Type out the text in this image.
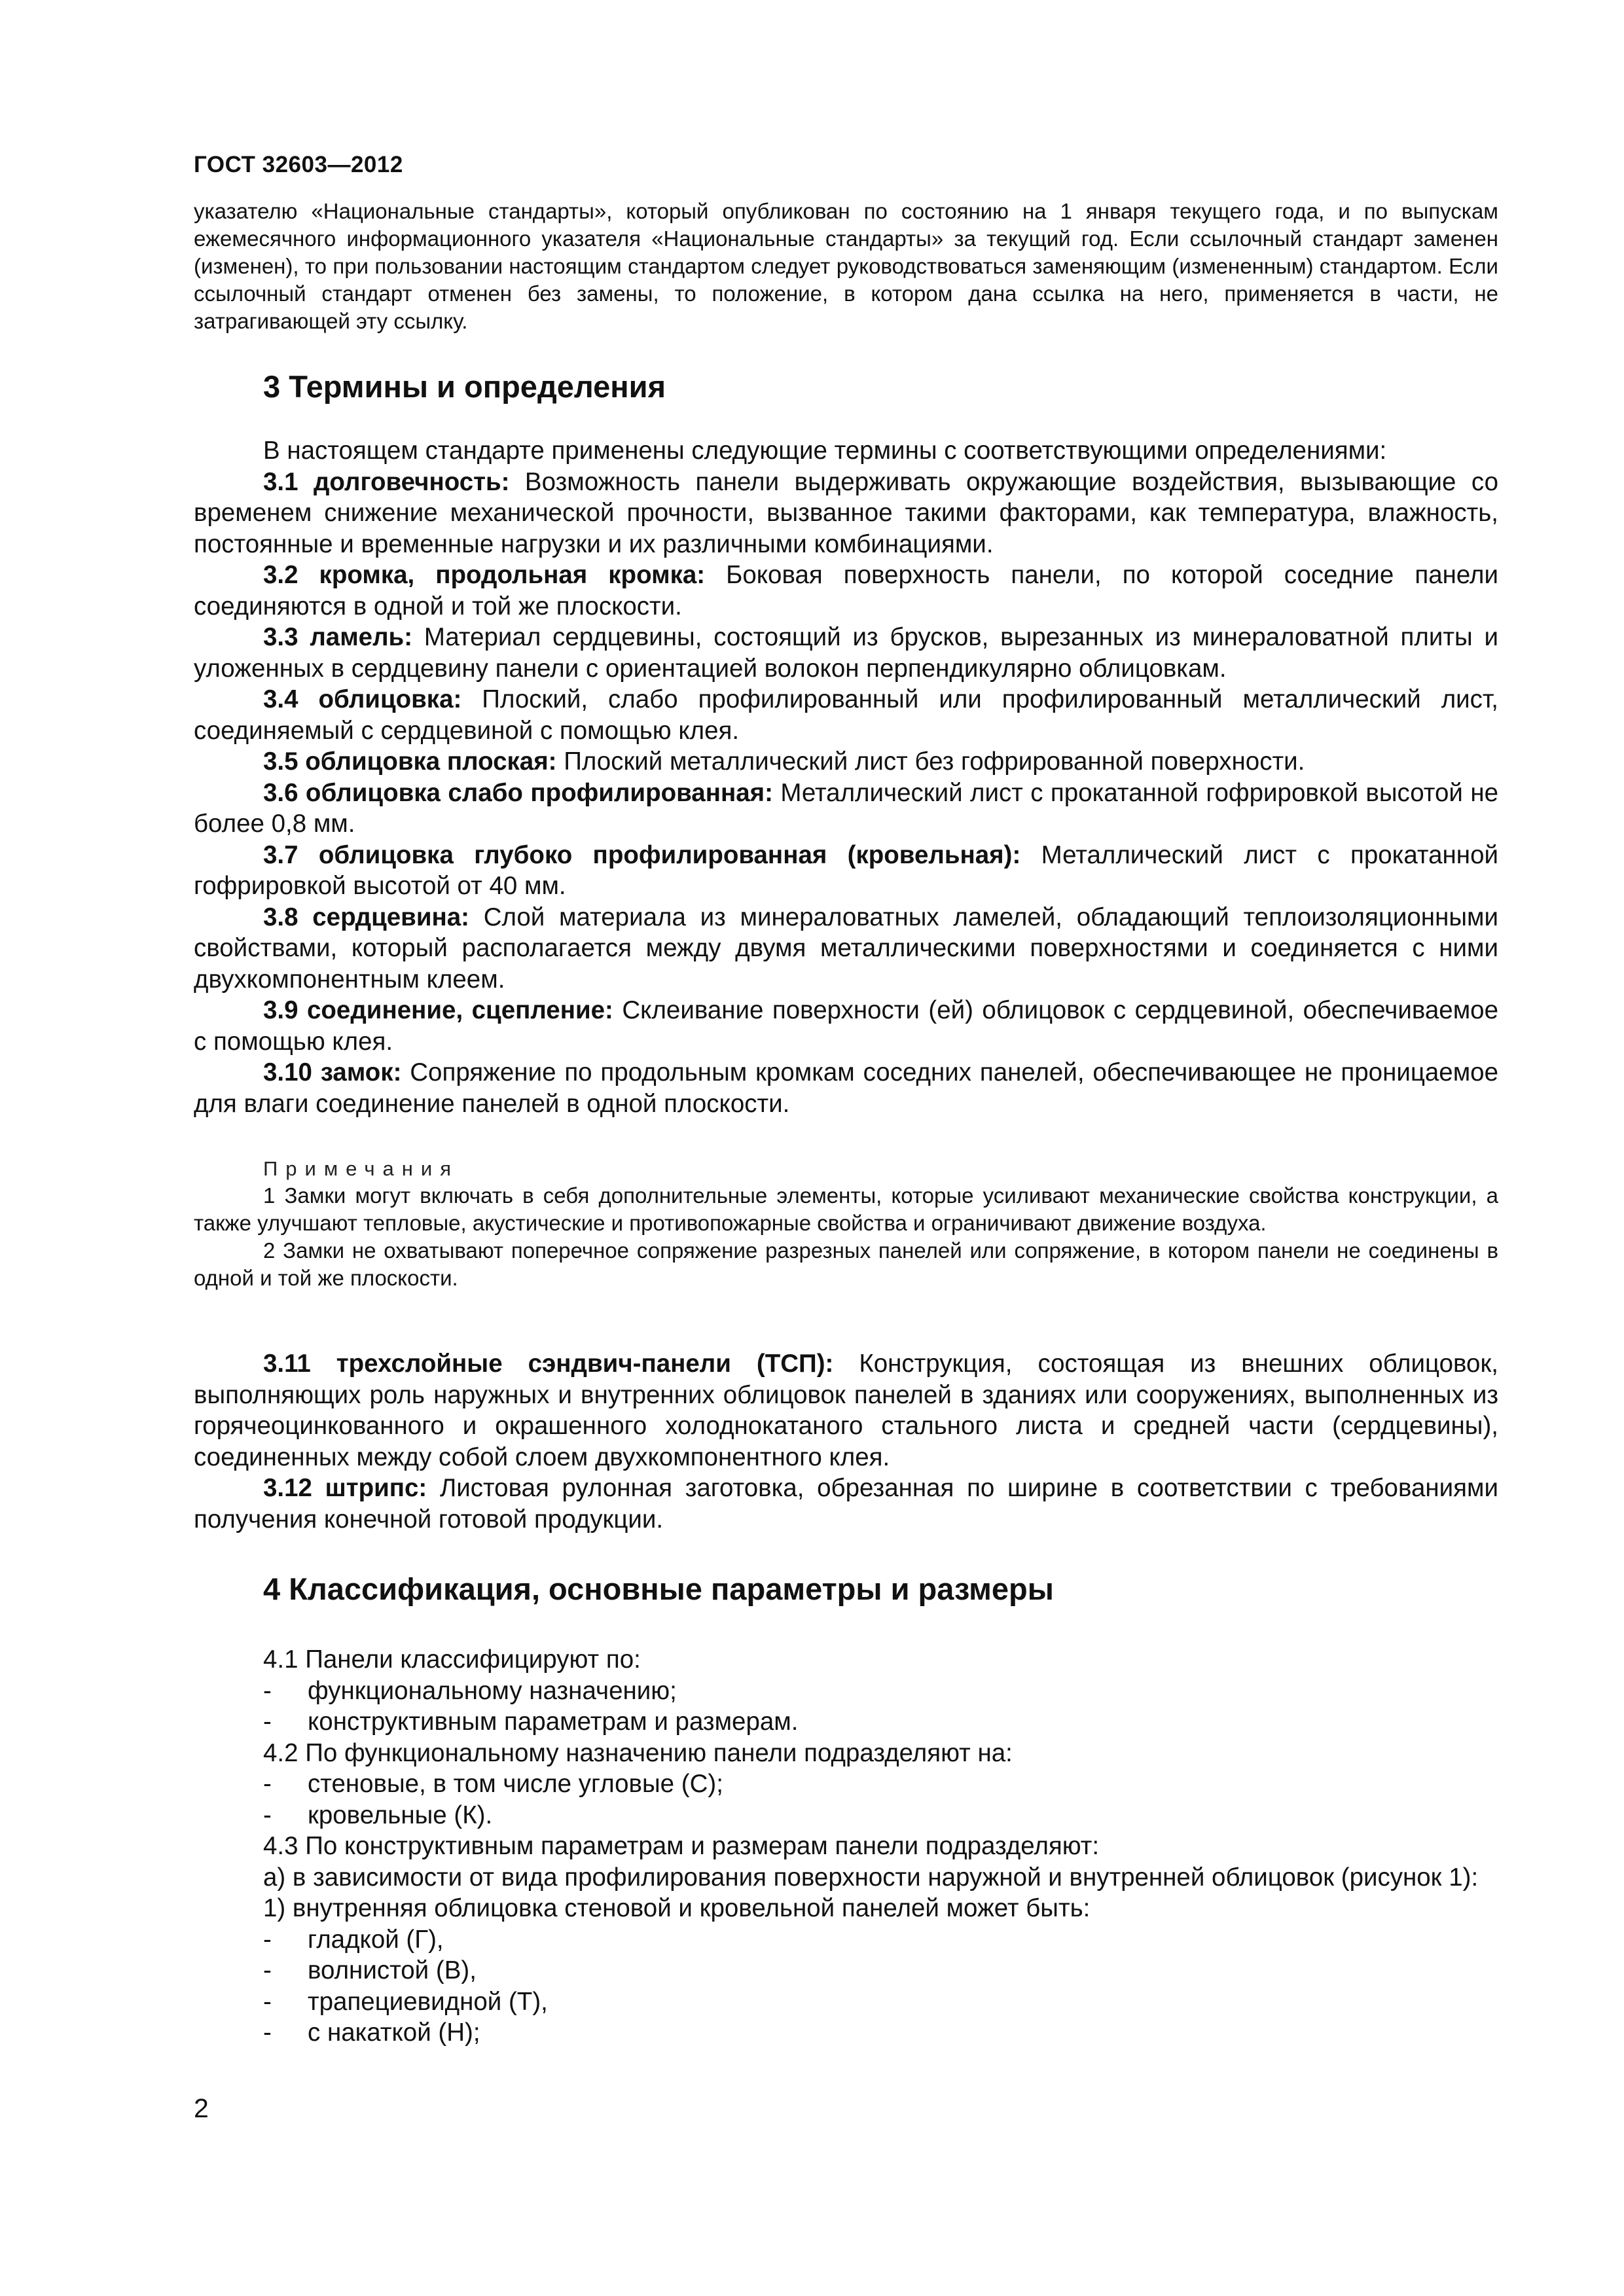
ГОСТ 32603—2012

указателю «Национальные стандарты», который опубликован по состоянию на 1 января текущего года, и по выпускам ежемесячного информационного указателя «Национальные стандарты» за текущий год. Если ссылочный стандарт заменен (изменен), то при пользовании настоящим стандартом следует руководствоваться заменяющим (измененным) стандартом. Если ссылочный стандарт отменен без замены, то положение, в котором дана ссылка на него, применяется в части, не затрагивающей эту ссылку.

3 Термины и определения

В настоящем стандарте применены следующие термины с соответствующими определениями:

3.1 долговечность: Возможность панели выдерживать окружающие воздействия, вызывающие со временем снижение механической прочности, вызванное такими факторами, как температура, влажность, постоянные и временные нагрузки и их различными комбинациями.

3.2 кромка, продольная кромка: Боковая поверхность панели, по которой соседние панели соединяются в одной и той же плоскости.

3.3 ламель: Материал сердцевины, состоящий из брусков, вырезанных из минераловатной плиты и уложенных в сердцевину панели с ориентацией волокон перпендикулярно облицовкам.

3.4 облицовка: Плоский, слабо профилированный или профилированный металлический лист, соединяемый с сердцевиной с помощью клея.

3.5 облицовка плоская: Плоский металлический лист без гофрированной поверхности.

3.6 облицовка слабо профилированная: Металлический лист с прокатанной гофрировкой высотой не более 0,8 мм.

3.7 облицовка глубоко профилированная (кровельная): Металлический лист с прокатанной гофрировкой высотой от 40 мм.

3.8 сердцевина: Слой материала из минераловатных ламелей, обладающий теплоизоляционными свойствами, который располагается между двумя металлическими поверхностями и соединяется с ними двухкомпонентным клеем.

3.9 соединение, сцепление: Склеивание поверхности (ей) облицовок с сердцевиной, обеспечиваемое с помощью клея.

3.10 замок: Сопряжение по продольным кромкам соседних панелей, обеспечивающее не проницаемое для влаги соединение панелей в одной плоскости.

Примечания

1 Замки могут включать в себя дополнительные элементы, которые усиливают механические свойства конструкции, а также улучшают тепловые, акустические и противопожарные свойства и ограничивают движение воздуха.

2 Замки не охватывают поперечное сопряжение разрезных панелей или сопряжение, в котором панели не соединены в одной и той же плоскости.

3.11 трехслойные сэндвич-панели (ТСП): Конструкция, состоящая из внешних облицовок, выполняющих роль наружных и внутренних облицовок панелей в зданиях или сооружениях, выполненных из горячеоцинкованного и окрашенного холоднокатаного стального листа и средней части (сердцевины), соединенных между собой слоем двухкомпонентного клея.

3.12 штрипс: Листовая рулонная заготовка, обрезанная по ширине в соответствии с требованиями получения конечной готовой продукции.

4 Классификация, основные параметры и размеры

4.1 Панели классифицируют по:

-	функциональному назначению;
-	конструктивным параметрам и размерам.

4.2 По функциональному назначению панели подразделяют на:

-	стеновые, в том числе угловые (С);
-	кровельные (К).

4.3 По конструктивным параметрам и размерам панели подразделяют:

а) в зависимости от вида профилирования поверхности наружной и внутренней облицовок (рисунок 1):

1) внутренняя облицовка стеновой и кровельной панелей может быть:

-	гладкой (Г),
-	волнистой (В),
-	трапециевидной (Т),
-	с накаткой (Н);
2
